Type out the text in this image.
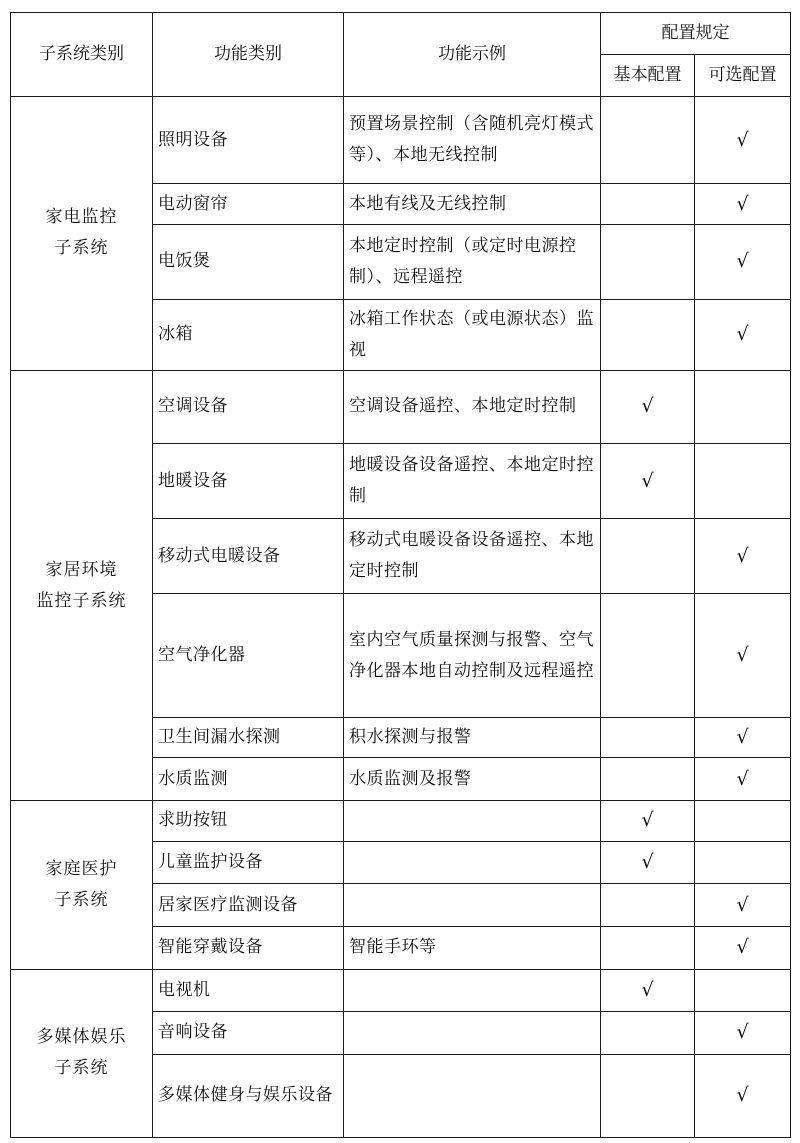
子系统类别	功能类别	功能示例	配置规定	
			基本配置	可选配置

家电监控
子系统	照明设备	预置场景控制（含随机亮灯模式等）、本地无线控制		√
	电动窗帘	本地有线及无线控制		√
	电饭煲	本地定时控制（或定时电源控制）、远程遥控		√
	冰箱	冰箱工作状态（或电源状态）监视		√

家居环境
监控子系统	空调设备	空调设备遥控、本地定时控制	√	
	地暖设备	地暖设备设备遥控、本地定时控制	√	
	移动式电暖设备	移动式电暖设备设备遥控、本地定时控制		√
	空气净化器	室内空气质量探测与报警、空气净化器本地自动控制及远程遥控		√
	卫生间漏水探测	积水探测与报警		√
	水质监测	水质监测及报警		√

家庭医护
子系统	求助按钮		√	
	儿童监护设备		√	
	居家医疗监测设备			√
	智能穿戴设备	智能手环等		√

多媒体娱乐
子系统	电视机		√	
	音响设备			√
	多媒体健身与娱乐设备			√
